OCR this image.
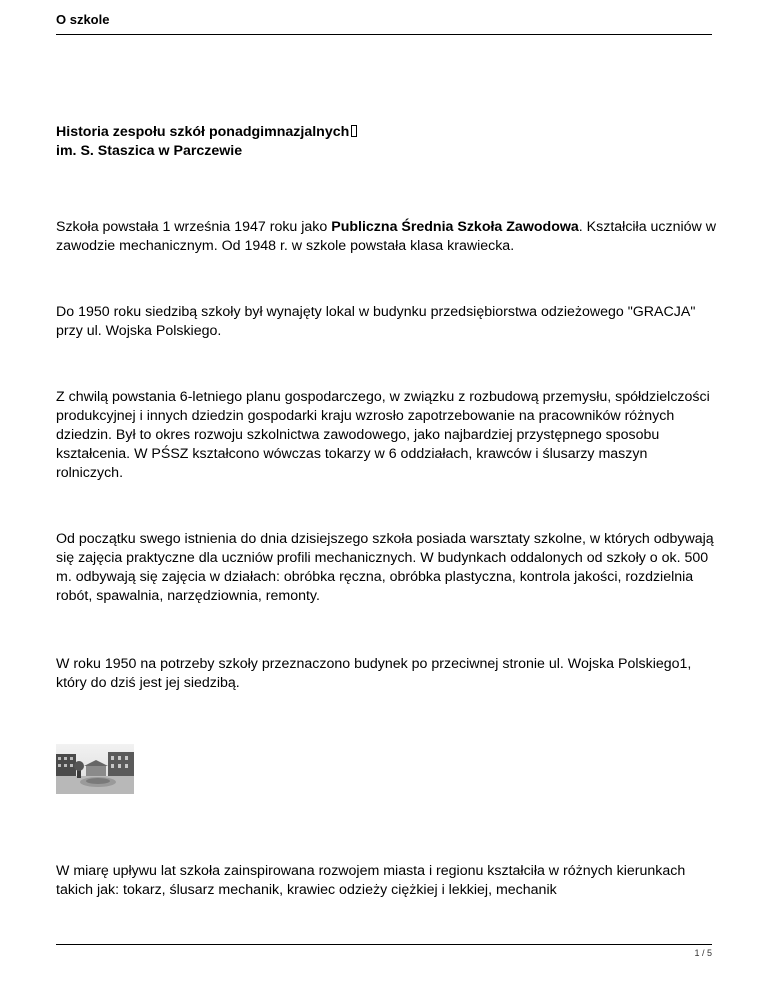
O szkole
Historia zespołu szkół ponadgimnazjalnych
im. S. Staszica w Parczewie

Szkoła powstała 1 września 1947 roku jako Publiczna Średnia Szkoła Zawodowa. Kształciła uczniów w zawodzie mechanicznym. Od 1948 r. w szkole powstała klasa krawiecka.

Do 1950 roku siedzibą szkoły był wynajęty lokal w budynku przedsiębiorstwa odzieżowego "GRACJA" przy ul. Wojska Polskiego.

Z chwilą powstania 6-letniego planu gospodarczego, w związku z rozbudową przemysłu, spółdzielczości produkcyjnej i innych dziedzin gospodarki kraju wzrosło zapotrzebowanie na pracowników różnych dziedzin. Był to okres rozwoju szkolnictwa zawodowego, jako najbardziej przystępnego sposobu kształcenia. W PŚSZ kształcono wówczas tokarzy w 6 oddziałach, krawców i ślusarzy maszyn rolniczych.

Od początku swego istnienia do dnia dzisiejszego szkoła posiada warsztaty szkolne, w których odbywają się zajęcia praktyczne dla uczniów profili mechanicznych. W budynkach oddalonych od szkoły o ok. 500 m. odbywają się zajęcia w działach: obróbka ręczna, obróbka plastyczna, kontrola jakości, rozdzielnia robót, spawalnia, narzędziownia, remonty.

W roku 1950 na potrzeby szkoły przeznaczono budynek po przeciwnej stronie ul. Wojska Polskiego1, który do dziś jest jej siedzibą.

W miarę upływu lat szkoła zainspirowana rozwojem miasta i regionu kształciła w różnych kierunkach takich jak: tokarz, ślusarz mechanik, krawiec odzieży ciężkiej i lekkiej, mechanik

1 / 5
